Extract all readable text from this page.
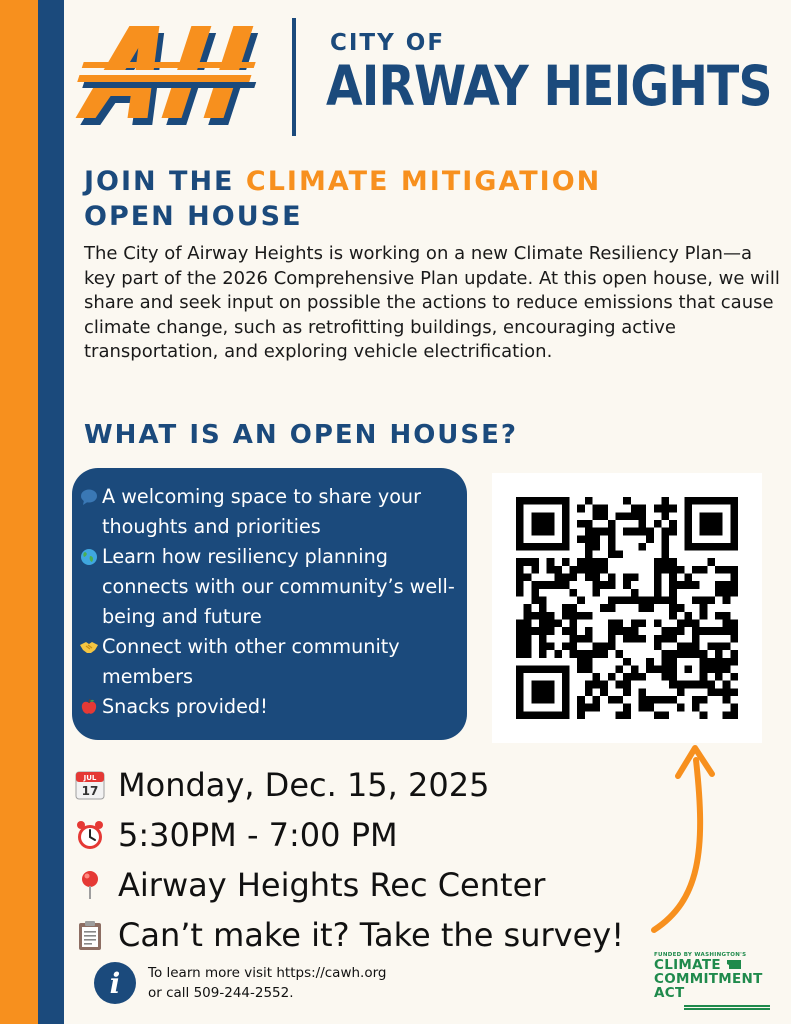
CITY OF
AIRWAY HEIGHTS
JOIN THE CLIMATE MITIGATION
OPEN HOUSE
The City of Airway Heights is working on a new Climate Resiliency Plan—a key part of the 2026 Comprehensive Plan update. At this open house, we will share and seek input on possible the actions to reduce emissions that cause climate change, such as retrofitting buildings, encouraging active transportation, and exploring vehicle electrification.
WHAT IS AN OPEN HOUSE?
A welcoming space to share your thoughts and priorities
Learn how resiliency planning connects with our community’s well-being and future
Connect with other community members
Snacks provided!
JUL
17 Monday, Dec. 15, 2025
5:30PM - 7:00 PM
Airway Heights Rec Center
Can’t make it? Take the survey!
i	To learn more visit https://cawh.org
or call 509-244-2552.
FUNDED BY WASHINGTON'S
CLIMATE
COMMITMENT
ACT
